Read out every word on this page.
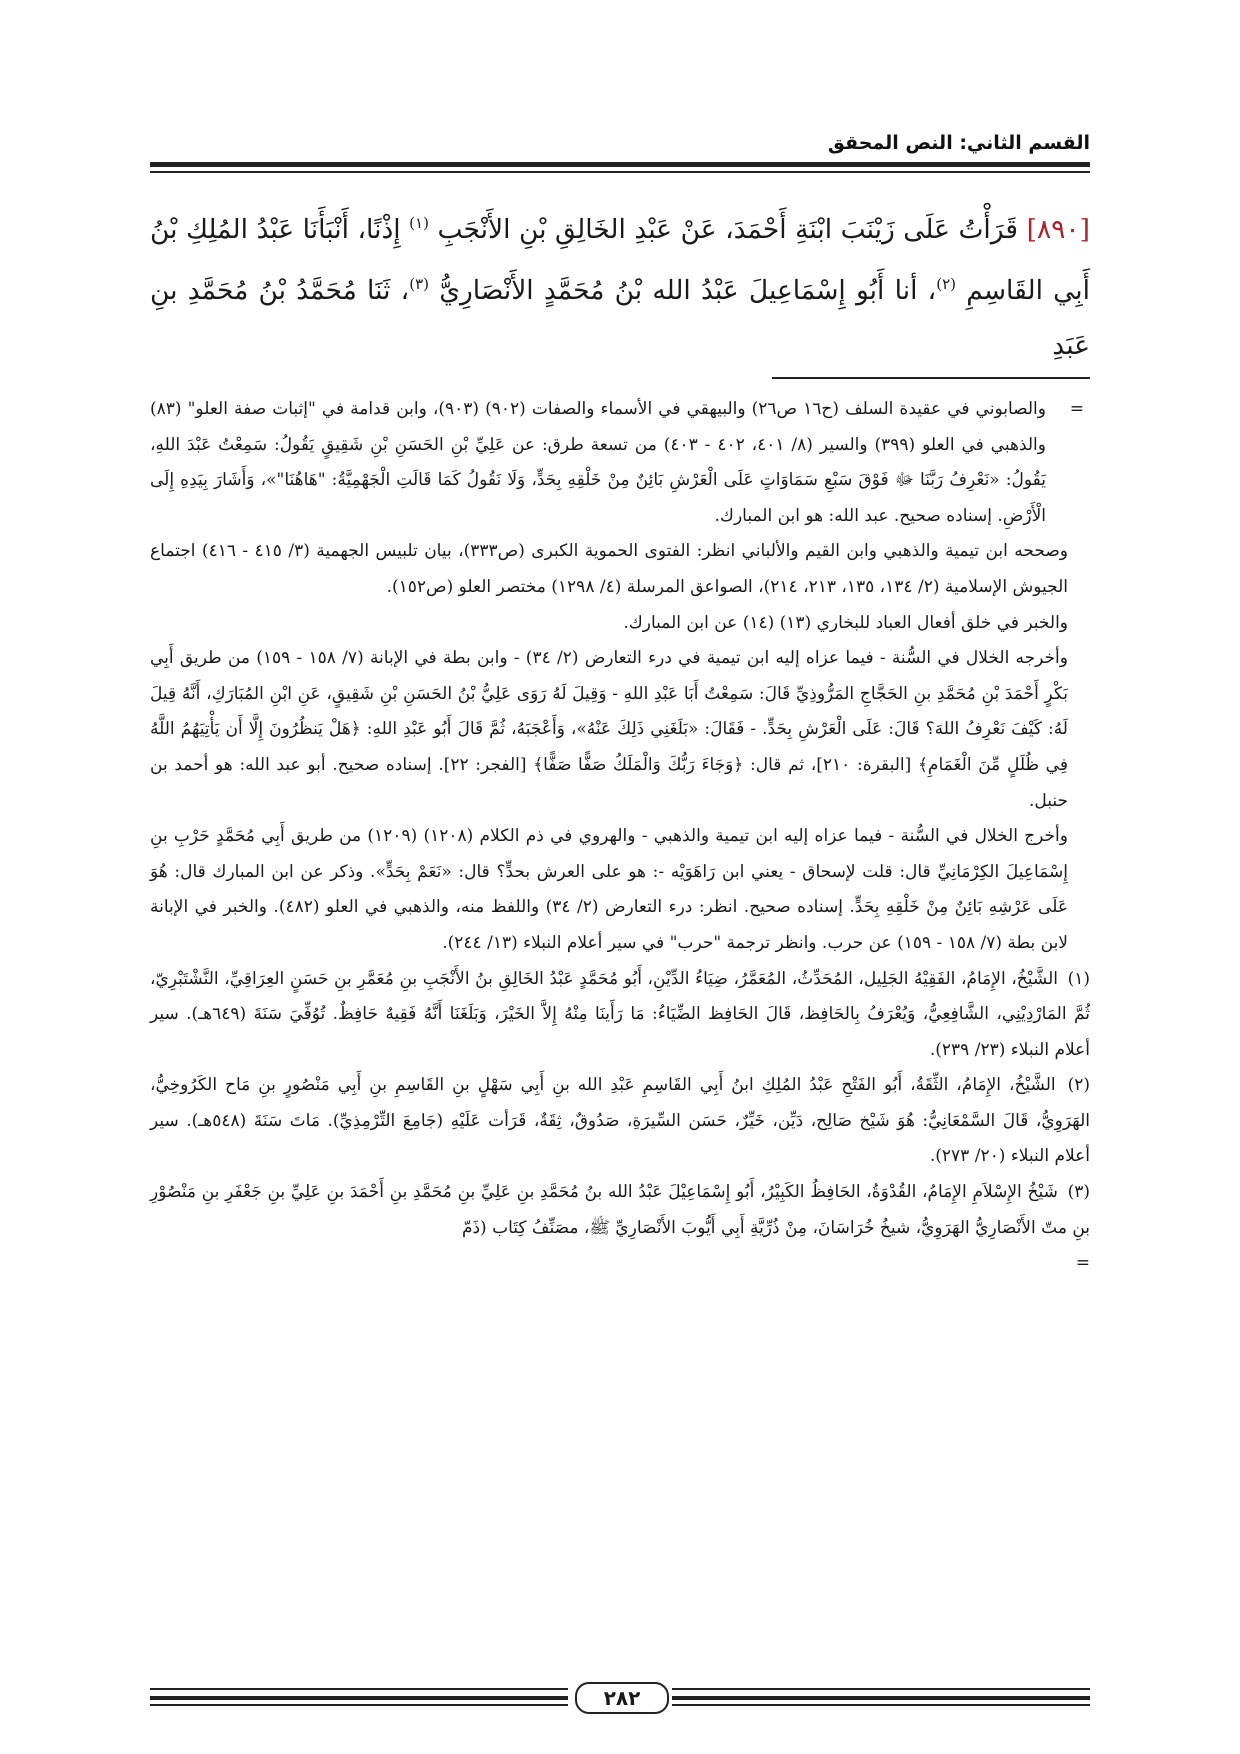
القسم الثاني: النص المحقق
[٨٩٠] قَرَأْتُ عَلَى زَيْنَبَ ابْنَةِ أَحْمَدَ، عَنْ عَبْدِ الخَالِقِ بْنِ الأَنْجَبِ $^{(١)}$ إِذْنًا، أَنْبَأَنَا عَبْدُ المُلِكِ بْنُ أَبِي القَاسِمِ $^{(٢)}$، أنا أَبُو إِسْمَاعِيلَ عَبْدُ الله بْنُ مُحَمَّدٍ الأَنْصَارِيُّ $^{(٣)}$، ثَنَا مُحَمَّدُ بْنُ مُحَمَّدِ بنِ عَبَدِ

=
والصابوني في عقيدة السلف (ح١٦ ص٢٦) والبيهقي في الأسماء والصفات (٩٠٢) (٩٠٣)، وابن قدامة في "إثبات صفة العلو" (٨٣) والذهبي في العلو (٣٩٩) والسير (٨/ ٤٠١، ٤٠٢ - ٤٠٣) من تسعة طرق: عن عَلِيِّ بْنِ الحَسَنِ بْنِ شَقِيقٍ يَقُولُ: سَمِعْتُ عَبْدَ اللهِ، يَقُولُ: «نَعْرِفُ رَبَّنَا ﷻ فَوْقَ سَبْعِ سَمَاوَاتٍ عَلَى الْعَرْشِ بَائِنٌ مِنْ خَلْقِهِ بِحَدٍّ، وَلَا نَقُولُ كَمَا قَالَتِ الْجَهْمِيَّةُ: "هَاهُنَا"»، وَأَشَارَ بِيَدِهِ إِلَى الْأَرْضِ. إسناده صحيح. عبد الله: هو ابن المبارك.

وصححه ابن تيمية والذهبي وابن القيم والألباني انظر: الفتوى الحموية الكبرى (ص٣٣٣)، بيان تلبيس الجهمية (٣/ ٤١٥ - ٤١٦) اجتماع الجيوش الإسلامية (٢/ ١٣٤، ١٣٥، ٢١٣، ٢١٤)، الصواعق المرسلة (٤/ ١٢٩٨) مختصر العلو (ص١٥٢).

والخبر في خلق أفعال العباد للبخاري (١٣) (١٤) عن ابن المبارك.

وأخرجه الخلال في السُّنة - فيما عزاه إليه ابن تيمية في درء التعارض (٢/ ٣٤) - وابن بطة في الإبانة (٧/ ١٥٨ - ١٥٩) من طريق أَبِي بَكْرٍ أَحْمَدَ بْنِ مُحَمَّدِ بنِ الحَجَّاجِ المَرُّوذِيِّ قَالَ: سَمِعْتُ أَبَا عَبْدِ اللهِ - وَقِيلَ لَهُ رَوَى عَلِيُّ بْنُ الحَسَنِ بْنِ شَقِيقٍ، عَنِ ابْنِ المُبَارَكِ، أَنَّهُ قِيلَ لَهُ: كَيْفَ نَعْرِفُ اللهَ؟ قَالَ: عَلَى الْعَرْشِ بِحَدٍّ. - فَقَالَ: «بَلَغَنِي ذَلِكَ عَنْهُ»، وَأَعْجَبَهُ، ثُمَّ قَالَ أَبُو عَبْدِ اللهِ: ﴿هَلْ يَنظُرُونَ إِلَّا أَن يَأْتِيَهُمُ اللَّهُ فِي ظُلَلٍ مِّنَ الْغَمَامِ﴾ [البقرة: ٢١٠]، ثم قال: ﴿وَجَاءَ رَبُّكَ وَالْمَلَكُ صَفًّا صَفًّا﴾ [الفجر: ٢٢]. إسناده صحيح. أبو عبد الله: هو أحمد بن حنبل.

وأخرج الخلال في السُّنة - فيما عزاه إليه ابن تيمية والذهبي - والهروي في ذم الكلام (١٢٠٨) (١٢٠٩) من طريق أَبِي مُحَمَّدٍ حَرْبِ بنِ إِسْمَاعِيلَ الكِرْمَانِيِّ قال: قلت لإسحاق - يعني ابن رَاهَوَيْه -: هو على العرش بحدٍّ؟ قال: «نَعَمْ بِحَدٍّ». وذكر عن ابن المبارك قال: هُوَ عَلَى عَرْشِهِ بَائِنٌ مِنْ خَلْقِهِ بِحَدٍّ. إسناده صحيح. انظر: درء التعارض (٢/ ٣٤) واللفظ منه، والذهبي في العلو (٤٨٢). والخبر في الإبانة لابن بطة (٧/ ١٥٨ - ١٥٩) عن حرب. وانظر ترجمة "حرب" في سير أعلام النبلاء (١٣/ ٢٤٤).

(١) الشَّيْخُ، الإِمَامُ، الفَقِيْهُ الجَلِيل، المُحَدِّثُ، المُعَمَّرُ، ضِيَاءُ الدِّيْنِ، أَبُو مُحَمَّدٍ عَبْدُ الخَالِقِ بنُ الأَنْجَبِ بنِ مُعَمَّرِ بنِ حَسَنٍ العِرَاقِيِّ، النَّشْتَبْرِيّ، ثُمَّ المَارْدِيْنِي، الشَّافِعِيُّ، وَيُعْرَفُ بِالحَافِظ، قَالَ الحَافِظ الضِّيَاءُ: مَا رَأَينَا مِنْهُ إِلاَّ الخَيْرَ، وَبَلَغَنَا أَنَّهُ فَقِيهٌ حَافِظٌ. تُوُفِّيَ سَنَةَ (٦٤٩هـ). سير أعلام النبلاء (٢٣/ ٢٣٩).

(٢) الشَّيْخُ، الإِمَامُ، الثِّقَةُ، أَبُو الفَتْحِ عَبْدُ المُلِكِ ابنُ أَبِي القَاسِمِ عَبْدِ الله بنِ أَبِي سَهْلٍ بنِ القَاسِمِ بنِ أَبِي مَنْصُورٍ بنِ مَاح الكَرُوخِيُّ، الهَرَوِيُّ، قَالَ السَّمْعَانِيُّ: هُوَ شَيْخ صَالِح، دَيِّن، خَيِّرٌ، حَسَن السِّيرَةِ، صَدُوقٌ، ثِقَةٌ، قَرَأت عَلَيْهِ (جَامِعَ التِّرْمِذِيِّ). مَاتَ سَنَةَ (٥٤٨هـ). سير أعلام النبلاء (٢٠/ ٢٧٣).

(٣) شَيْخُ الإِسْلاَمِ الإِمَامُ، القُدْوَةُ، الحَافِظُ الكَبِيْرُ، أَبُو إِسْمَاعِيْلَ عَبْدُ الله بنُ مُحَمَّدِ بنِ عَلِيِّ بنِ مُحَمَّدِ بنِ أَحْمَدَ بنِ عَلِيِّ بنِ جَعْفَرِ بنِ مَنْصُوْرِ بنِ متّ الأَنْصَارِيُّ الهَرَوِيُّ، شيخُ خُرَاسَانَ، مِنْ ذُرِّيَّةِ أَبِي أَيُّوبَ الأَنْصَارِيِّ ﷺ، مصَنِّفُ كِتَاب (ذَمّ
=

٢٨٢
